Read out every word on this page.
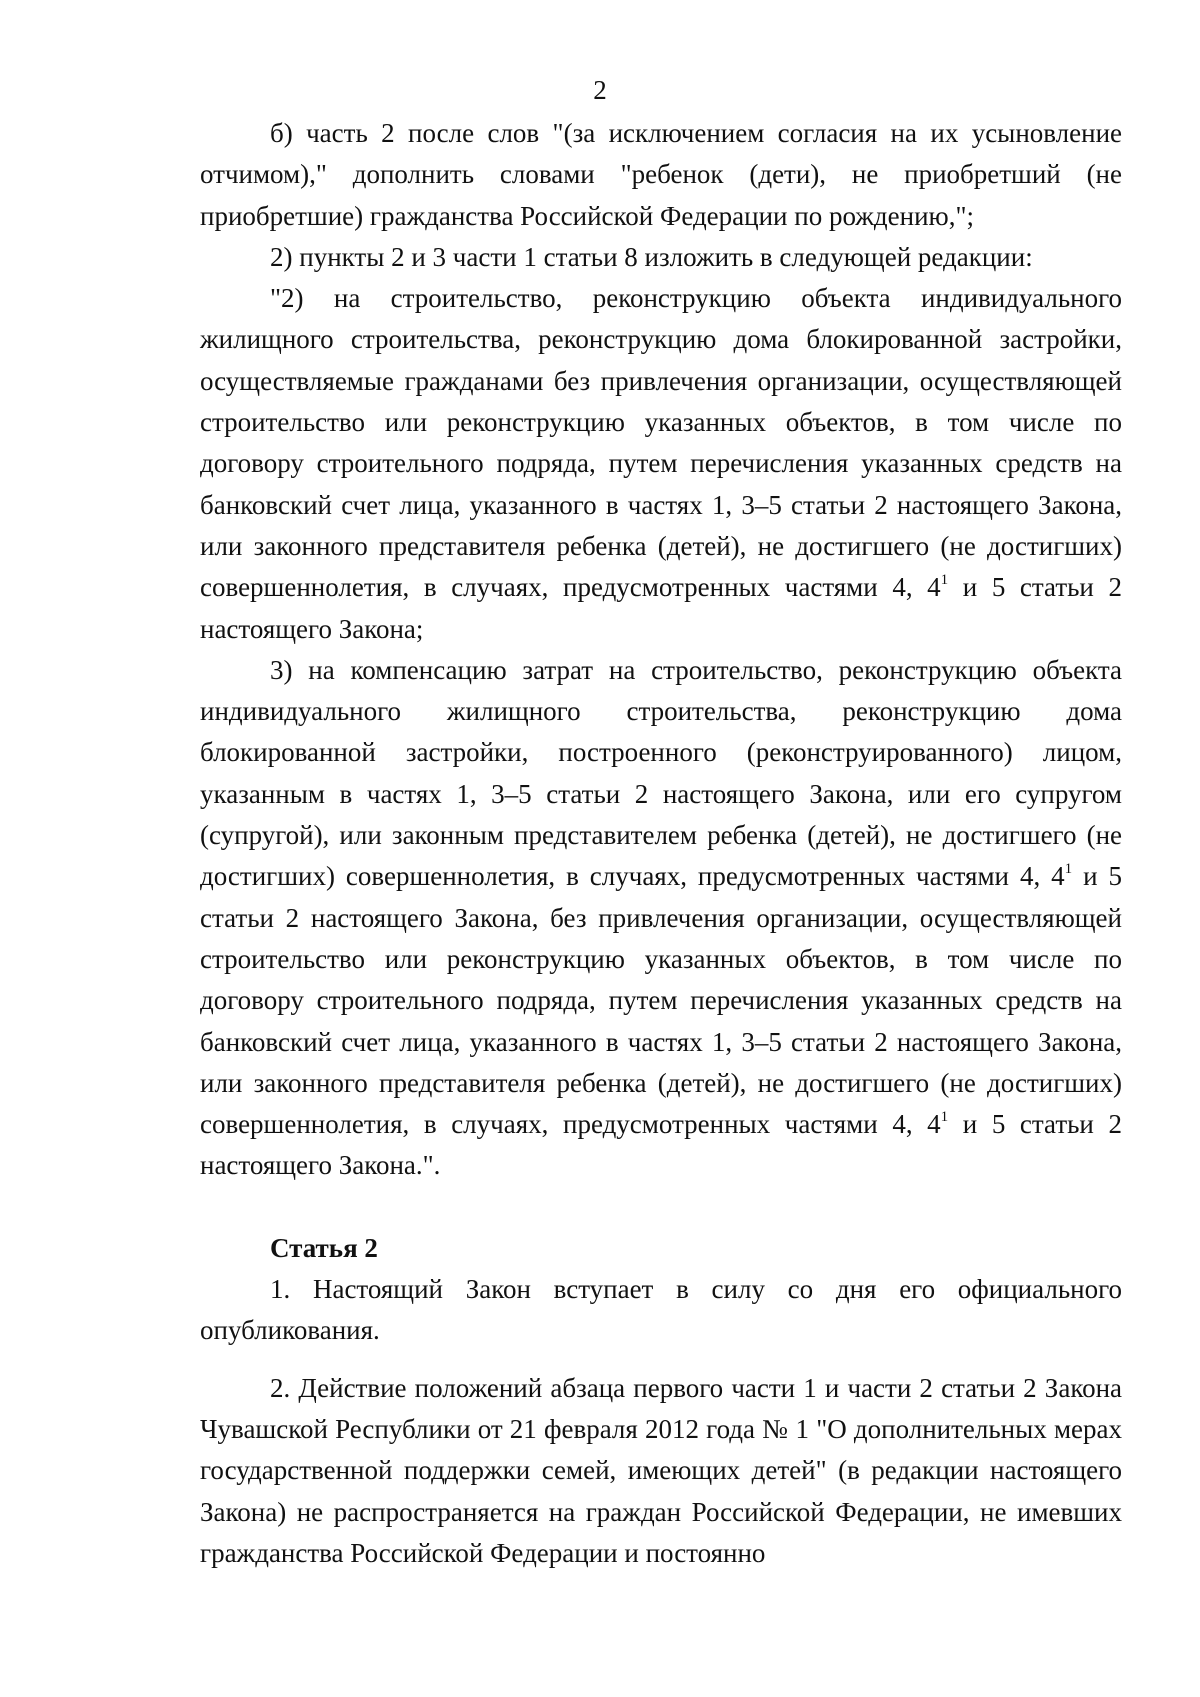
2

б) часть 2 после слов "(за исключением согласия на их усыновление отчимом)," дополнить словами "ребенок (дети), не приобретший (не приобретшие) гражданства Российской Федерации по рождению,";

2) пункты 2 и 3 части 1 статьи 8 изложить в следующей редакции:

"2) на строительство, реконструкцию объекта индивидуального жилищного строительства, реконструкцию дома блокированной застройки, осуществляемые гражданами без привлечения организации, осуществляющей строительство или реконструкцию указанных объектов, в том числе по договору строительного подряда, путем перечисления указанных средств на банковский счет лица, указанного в частях 1, 3–5 статьи 2 настоящего Закона, или законного представителя ребенка (детей), не достигшего (не достигших) совершеннолетия, в случаях, предусмотренных частями 4, $4^1$ и 5 статьи 2 настоящего Закона;

3) на компенсацию затрат на строительство, реконструкцию объекта индивидуального жилищного строительства, реконструкцию дома блокированной застройки, построенного (реконструированного) лицом, указанным в частях 1, 3–5 статьи 2 настоящего Закона, или его супругом (супругой), или законным представителем ребенка (детей), не достигшего (не достигших) совершеннолетия, в случаях, предусмотренных частями 4, $4^1$ и 5 статьи 2 настоящего Закона, без привлечения организации, осуществляющей строительство или реконструкцию указанных объектов, в том числе по договору строительного подряда, путем перечисления указанных средств на банковский счет лица, указанного в частях 1, 3–5 статьи 2 настоящего Закона, или законного представителя ребенка (детей), не достигшего (не достигших) совершеннолетия, в случаях, предусмотренных частями 4, $4^1$ и 5 статьи 2 настоящего Закона.".

Статья 2

1. Настоящий Закон вступает в силу со дня его официального опубликования.

2. Действие положений абзаца первого части 1 и части 2 статьи 2 Закона Чувашской Республики от 21 февраля 2012 года № 1 "О дополнительных мерах государственной поддержки семей, имеющих детей" (в редакции настоящего Закона) не распространяется на граждан Российской Федерации, не имевших гражданства Российской Федерации и постоянно
